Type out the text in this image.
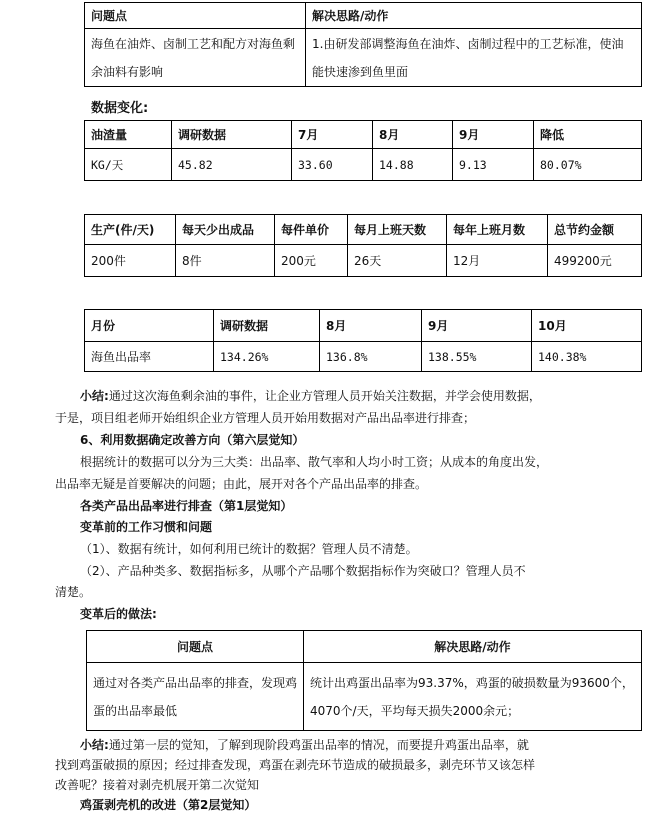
问题点	解决思路/动作
海鱼在油炸、卤制工艺和配方对海鱼剩余油料有影响	1.由研发部调整海鱼在油炸、卤制过程中的工艺标准，使油能快速渗到鱼里面
数据变化:
油渣量	调研数据	7月	8月	9月	降低
KG/天	45.82	33.60	14.88	9.13	80.07%
生产(件/天)	每天少出成品	每件单价	每月上班天数	每年上班月数	总节约金额
200件	8件	200元	26天	12月	499200元
月份	调研数据	8月	9月	10月
海鱼出品率	134.26%	136.8%	138.55%	140.38%
小结:通过这次海鱼剩余油的事件，让企业方管理人员开始关注数据，并学会使用数据，
于是，项目组老师开始组织企业方管理人员开始用数据对产品出品率进行排查；
6、利用数据确定改善方向（第六层觉知）
根据统计的数据可以分为三大类：出品率、散气率和人均小时工资；从成本的角度出发，
出品率无疑是首要解决的问题；由此，展开对各个产品出品率的排查。
各类产品出品率进行排查（第1层觉知）
变革前的工作习惯和问题
（1）、数据有统计，如何利用已统计的数据？管理人员不清楚。
（2）、产品种类多、数据指标多，从哪个产品哪个数据指标作为突破口？管理人员不
清楚。
变革后的做法:
问题点	解决思路/动作
通过对各类产品出品率的排查，发现鸡蛋的出品率最低	统计出鸡蛋出品率为93.37%，鸡蛋的破损数量为93600个，4070个/天，平均每天损失2000余元；
小结:通过第一层的觉知，了解到现阶段鸡蛋出品率的情况，而要提升鸡蛋出品率，就
找到鸡蛋破损的原因；经过排查发现，鸡蛋在剥壳环节造成的破损最多，剥壳环节又该怎样
改善呢？接着对剥壳机展开第二次觉知
鸡蛋剥壳机的改进（第2层觉知）
